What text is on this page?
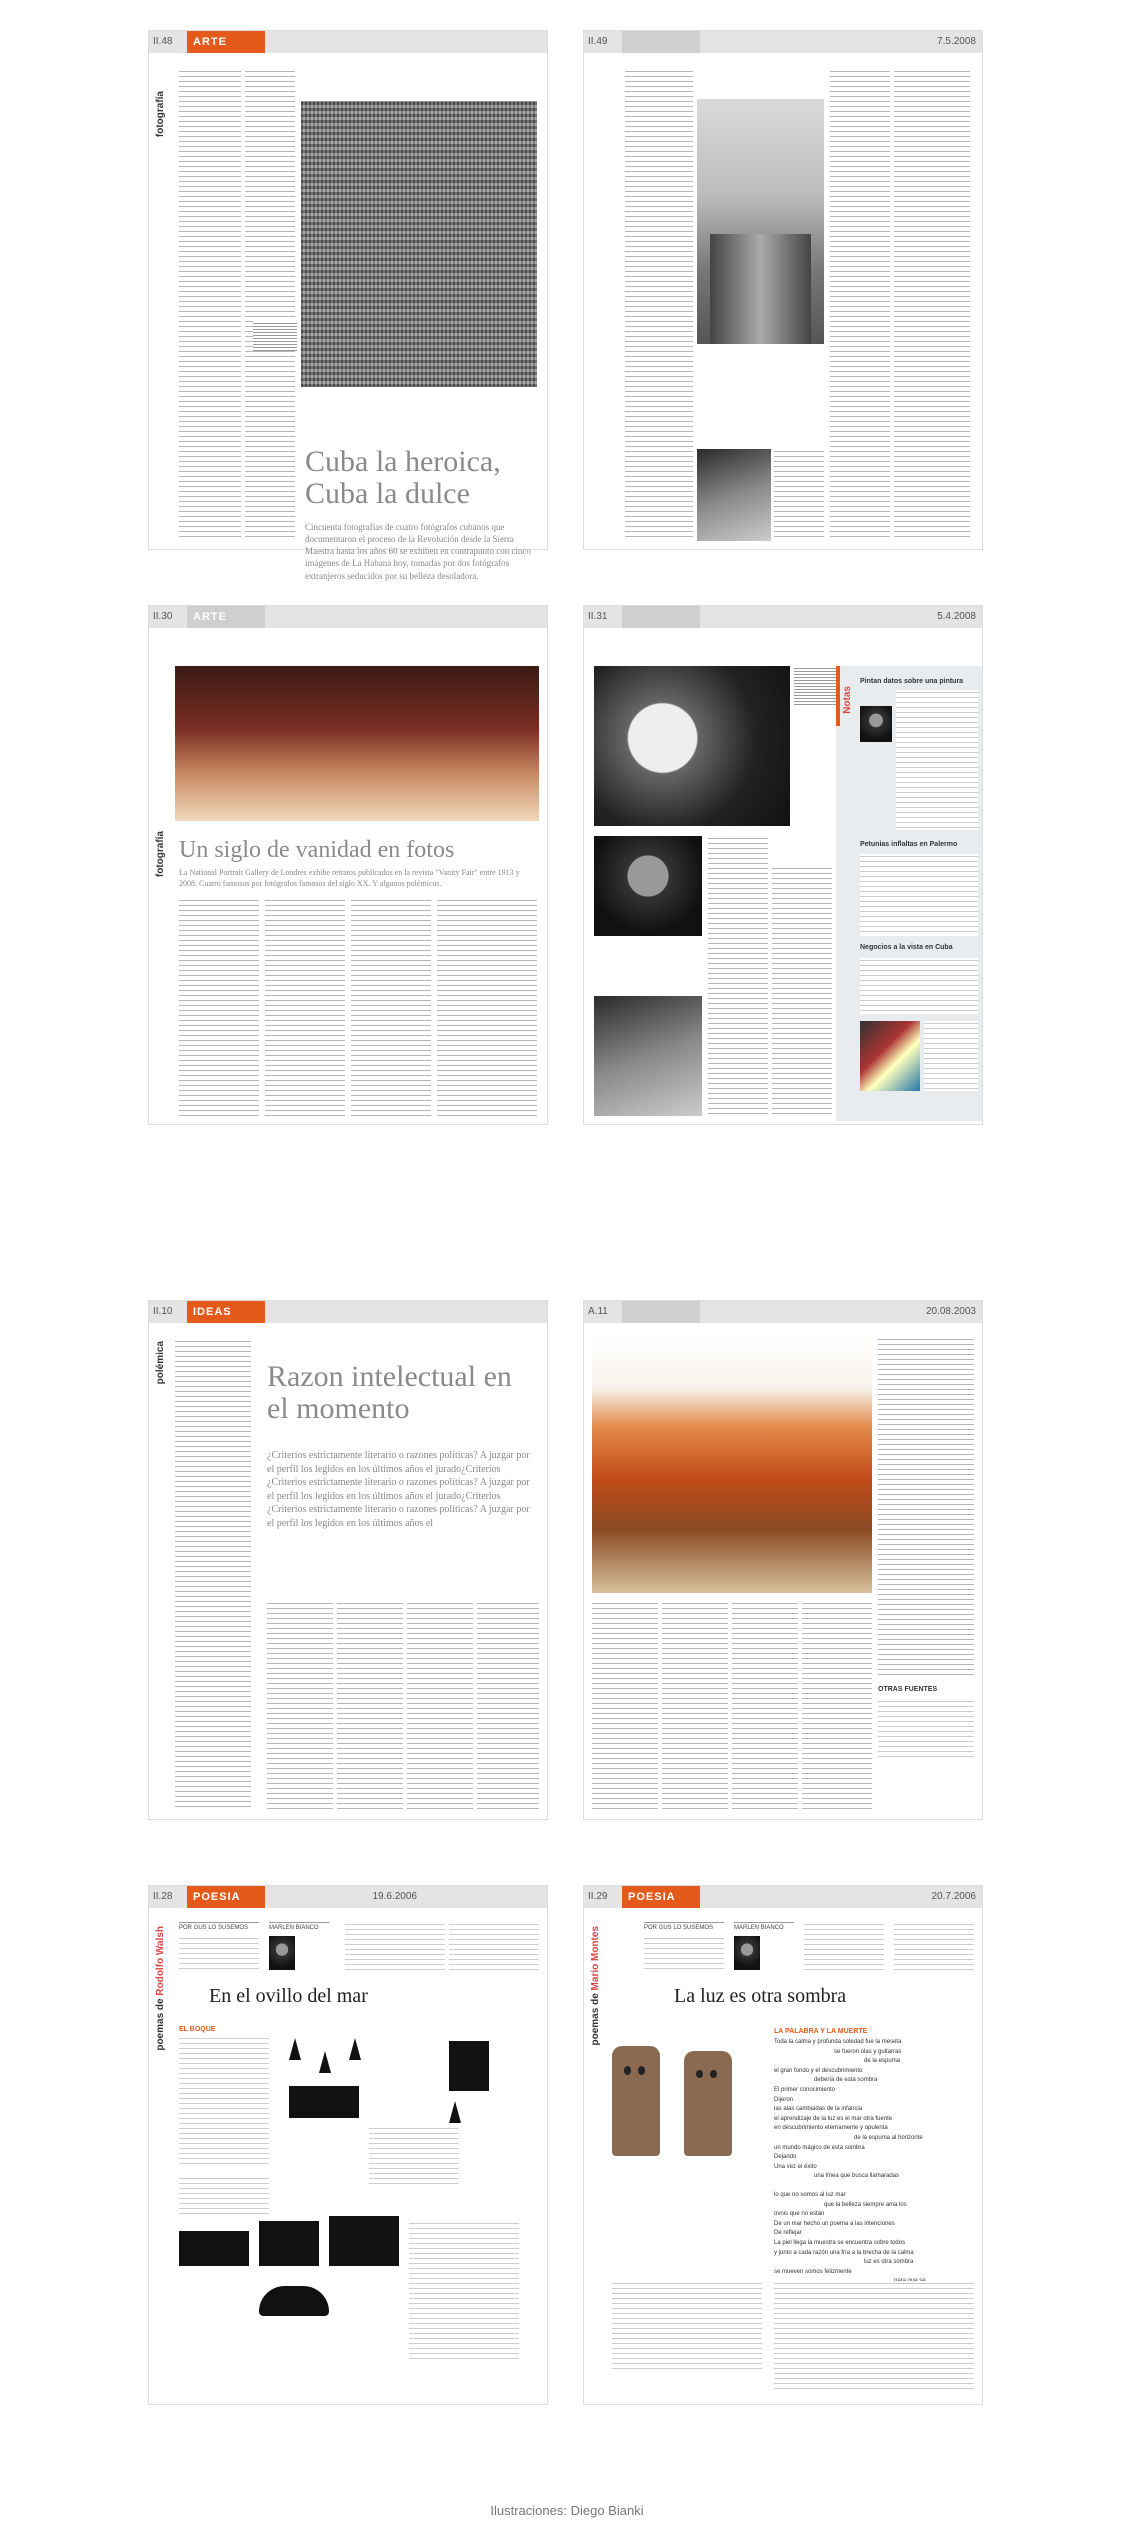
II.48	ARTE
fotografía
Cuba la heroica, Cuba la dulce
Cincuenta fotografías de cuatro fotógrafos cubanos que documentaron el proceso de la Revolución desde la Sierra Maestra hasta los años 60 se exhiben en contrapunto con cinco imágenes de La Habana hoy, tomadas por dos fotógrafos extranjeros seducidos por su belleza desoladora.
II.49	7.5.2008
II.30	ARTE
fotografía Un siglo de vanidad en fotos
La National Portrait Gallery de Londres exhibe retratos publicados en la revista "Vanity Fair" entre 1913 y 2008. Cuatro famosos por fotógrafos famosos del siglo XX. Y algunos polémicos.
II.31	5.4.2008
Notas
Pintan datos sobre una pintura
Petunias inflaltas en Palermo
Negocios a la vista en Cuba
II.10	IDEAS
polémica	Razon intelectual en el momento
¿Criterios estrictamente literario o razones políticas? A juzgar por el perfil los legidos en los últimos años el jurado¿Criterios ¿Criterios estrictamente literario o razones políticas? A juzgar por el perfil los legidos en los últimos años el jurado¿Criterios ¿Criterios estrictamente literario o razones políticas? A juzgar por el perfil los legidos en los últimos años el
A.11	20.08.2003
OTRAS FUENTES
II.28	POESIA	19.6.2006
poemas de Rodolfo Walsh POR GUS LO SUSEMOS	MARLEN BIANCO
En el ovillo del mar
EL BOQUE
II.29	POESIA	20.7.2006
poemas de Mario Montes	POR GUS LO SUSEMOS	MARLEN BIANCO
La luz es otra sombra
LA PALABRA Y LA MUERTE
Toda la calma y profunda soledad fue la meseta
se fueron olas y guitarras
de la espuma
el gran fondo y el descubrimiento
debería de esta sombra
El primer conocimiento
Dijeron
las alas cambiadas de la infancia
el aprendizaje de la luz es el mar otra fuente
en descubrimiento eternamente y opulenta
de la espuma al horizonte
un mundo mágico de esta sombra
Dejando
Una vez el éxito
una línea que busca llamaradas
lo que no somos al luz mar
que la belleza siempre ama los
ovnis que no están
De un mar hecho un poema a las intenciones
De reflejar
La piel llega la muestra se encuentra sobre todos
y junto a cada razón una fría a la brecha de la calma
luz es otra sombra
se mueven somos felizmente
Ilustraciones: Diego Bianki
